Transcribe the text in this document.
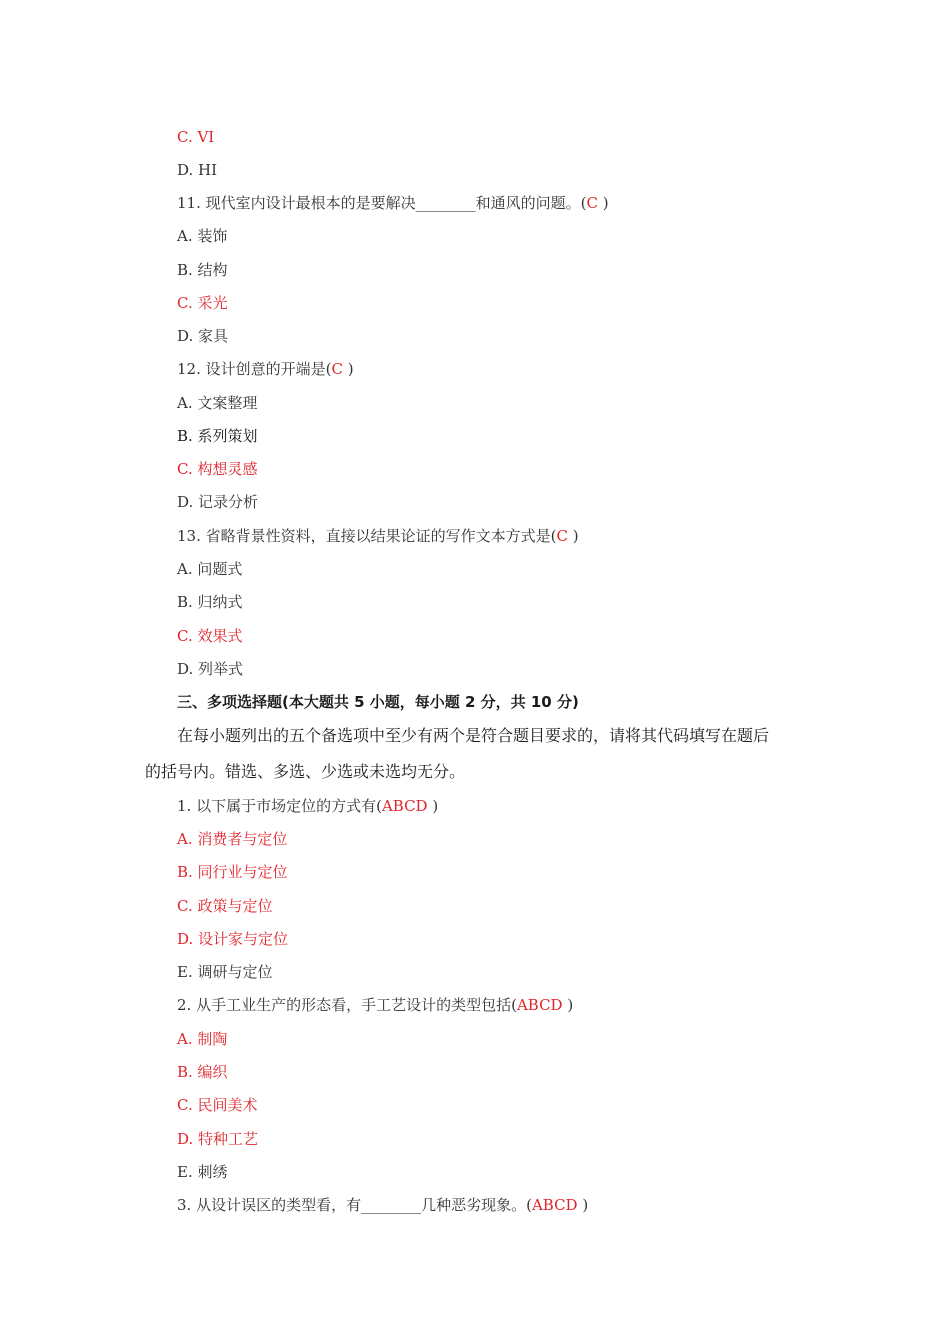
C. VI
D. HI
11. 现代室内设计最根本的是要解决________和通风的问题。(C )
A. 装饰
B. 结构
C. 采光
D. 家具
12. 设计创意的开端是(C )
A. 文案整理
B. 系列策划
C. 构想灵感
D. 记录分析
13. 省略背景性资料，直接以结果论证的写作文本方式是(C )
A. 问题式
B. 归纳式
C. 效果式
D. 列举式
三、多项选择题(本大题共 5 小题，每小题 2 分，共 10 分)
在每小题列出的五个备选项中至少有两个是符合题目要求的，请将其代码填写在题后
的括号内。错选、多选、少选或未选均无分。
1. 以下属于市场定位的方式有(ABCD )
A. 消费者与定位
B. 同行业与定位
C. 政策与定位
D. 设计家与定位
E. 调研与定位
2. 从手工业生产的形态看，手工艺设计的类型包括(ABCD )
A. 制陶
B. 编织
C. 民间美术
D. 特种工艺
E. 刺绣
3. 从设计误区的类型看，有________几种恶劣现象。(ABCD )
